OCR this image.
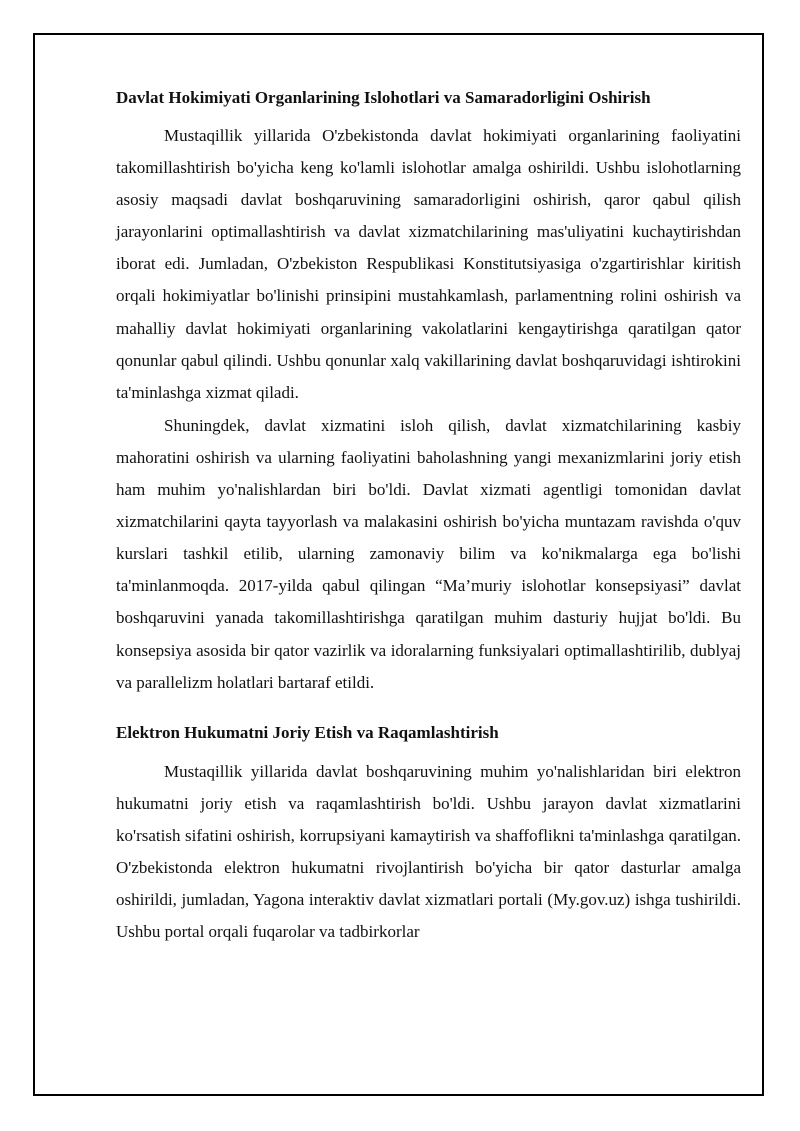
Davlat Hokimiyati Organlarining Islohotlari va Samaradorligini Oshirish

Mustaqillik yillarida O'zbekistonda davlat hokimiyati organlarining faoliyatini takomillashtirish bo'yicha keng ko'lamli islohotlar amalga oshirildi. Ushbu islohotlarning asosiy maqsadi davlat boshqaruvining samaradorligini oshirish, qaror qabul qilish jarayonlarini optimallashtirish va davlat xizmatchilarining mas'uliyatini kuchaytirishdan iborat edi. Jumladan, O'zbekiston Respublikasi Konstitutsiyasiga o'zgartirishlar kiritish orqali hokimiyatlar bo'linishi prinsipini mustahkamlash, parlamentning rolini oshirish va mahalliy davlat hokimiyati organlarining vakolatlarini kengaytirishga qaratilgan qator qonunlar qabul qilindi. Ushbu qonunlar xalq vakillarining davlat boshqaruvidagi ishtirokini ta'minlashga xizmat qiladi.

Shuningdek, davlat xizmatini isloh qilish, davlat xizmatchilarining kasbiy mahoratini oshirish va ularning faoliyatini baholashning yangi mexanizmlarini joriy etish ham muhim yo'nalishlardan biri bo'ldi. Davlat xizmati agentligi tomonidan davlat xizmatchilarini qayta tayyorlash va malakasini oshirish bo'yicha muntazam ravishda o'quv kurslari tashkil etilib, ularning zamonaviy bilim va ko'nikmalarga ega bo'lishi ta'minlanmoqda. 2017-yilda qabul qilingan “Ma’muriy islohotlar konsepsiyasi” davlat boshqaruvini yanada takomillashtirishga qaratilgan muhim dasturiy hujjat bo'ldi. Bu konsepsiya asosida bir qator vazirlik va idoralarning funksiyalari optimallashtirilib, dublyaj va parallelizm holatlari bartaraf etildi.

Elektron Hukumatni Joriy Etish va Raqamlashtirish

Mustaqillik yillarida davlat boshqaruvining muhim yo'nalishlaridan biri elektron hukumatni joriy etish va raqamlashtirish bo'ldi. Ushbu jarayon davlat xizmatlarini ko'rsatish sifatini oshirish, korrupsiyani kamaytirish va shaffoflikni ta'minlashga qaratilgan. O'zbekistonda elektron hukumatni rivojlantirish bo'yicha bir qator dasturlar amalga oshirildi, jumladan, Yagona interaktiv davlat xizmatlari portali (My.gov.uz) ishga tushirildi. Ushbu portal orqali fuqarolar va tadbirkorlar
